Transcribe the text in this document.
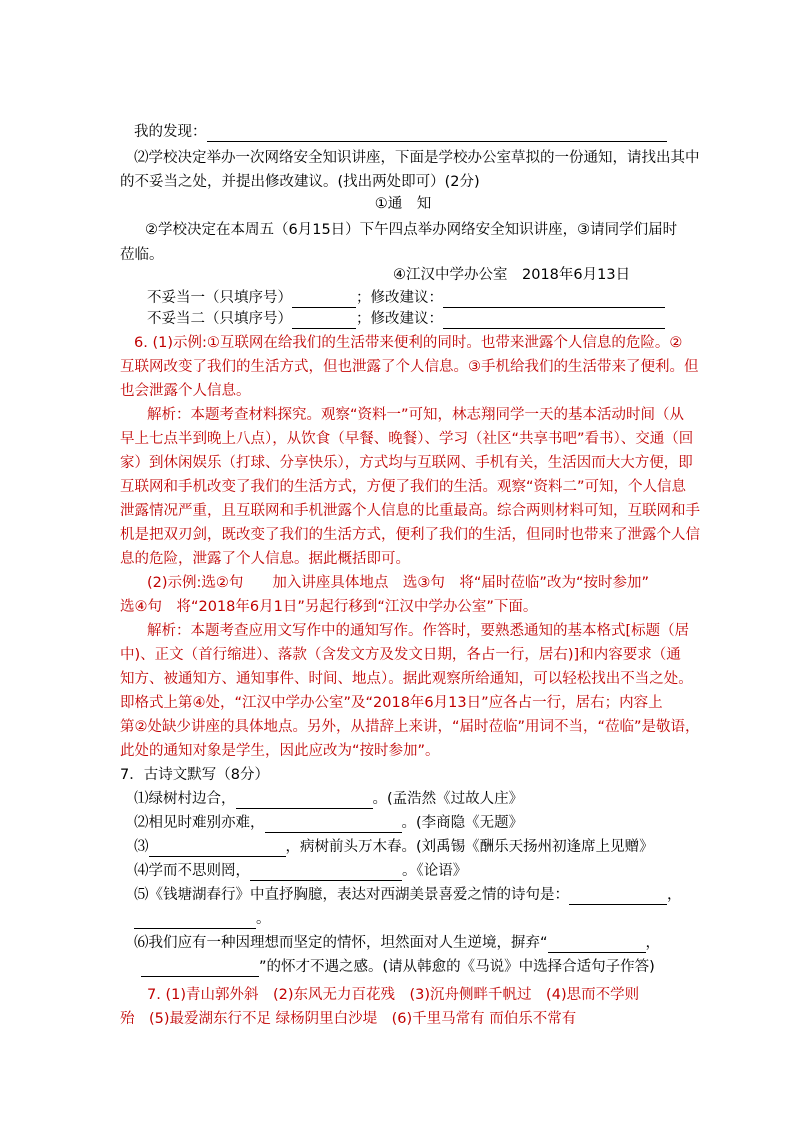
我的发现：
⑵学校决定举办一次网络安全知识讲座，下面是学校办公室草拟的一份通知，请找出其中
的不妥当之处，并提出修改建议。(找出两处即可）(2分)
①通　知
②学校决定在本周五（6月15日）下午四点举办网络安全知识讲座，③请同学们届时
莅临。
④江汉中学办公室　2018年6月13日
不妥当一（只填序号）	；修改建议：
不妥当二（只填序号）	；修改建议：
6. (1)示例:①互联网在给我们的生活带来便利的同时。也带来泄露个人信息的危险。②
互联网改变了我们的生活方式，但也泄露了个人信息。③手机给我们的生活带来了便利。但
也会泄露个人信息。
解析：本题考查材料探究。观察“资料一”可知，林志翔同学一天的基本活动时间（从
早上七点半到晚上八点），从饮食（早餐、晚餐）、学习（社区“共享书吧”看书）、交通（回
家）到休闲娱乐（打球、分享快乐），方式均与互联网、手机有关，生活因而大大方便，即
互联网和手机改变了我们的生活方式，方便了我们的生活。观察“资料二”可知，个人信息
泄露情况严重，且互联网和手机泄露个人信息的比重最高。综合两则材料可知，互联网和手
机是把双刃剑，既改变了我们的生活方式，便利了我们的生活，但同时也带来了泄露个人信
息的危险，泄露了个人信息。据此概括即可。
(2)示例:选②句　　加入讲座具体地点　选③句　将“届时莅临”改为“按时参加”
选④句　将“2018年6月1日”另起行移到“江汉中学办公室”下面。
解析：本题考查应用文写作中的通知写作。作答时，要熟悉通知的基本格式[标题（居
中)、正文（首行缩进）、落款（含发文方及发文日期，各占一行，居右)]和内容要求（通
知方、被通知方、通知事件、时间、地点）。据此观察所给通知，可以轻松找出不当之处。
即格式上第④处，“江汉中学办公室”及“2018年6月13日”应各占一行，居右；内容上
第②处缺少讲座的具体地点。另外，从措辞上来讲，“届时莅临”用词不当，“莅临”是敬语，
此处的通知对象是学生，因此应改为“按时参加”。
7．古诗文默写（8分）
⑴绿树村边合，	。(孟浩然《过故人庄》
⑵相见时难别亦难，	。(李商隐《无题》
⑶	，病树前头万木春。(刘禹锡《酬乐天扬州初逢席上见赠》
⑷学而不思则罔，	。《论语》
⑸《钱塘湖春行》中直抒胸臆，表达对西湖美景喜爱之情的诗句是：	，
。
⑹我们应有一种因理想而坚定的情怀，坦然面对人生逆境，摒弃“	，
”的怀才不遇之感。(请从韩愈的《马说》中选择合适句子作答)
7. (1)青山郭外斜　(2)东风无力百花残　(3)沉舟侧畔千帆过　(4)思而不学则
殆　(5)最爱湖东行不足 绿杨阴里白沙堤　(6)千里马常有 而伯乐不常有
